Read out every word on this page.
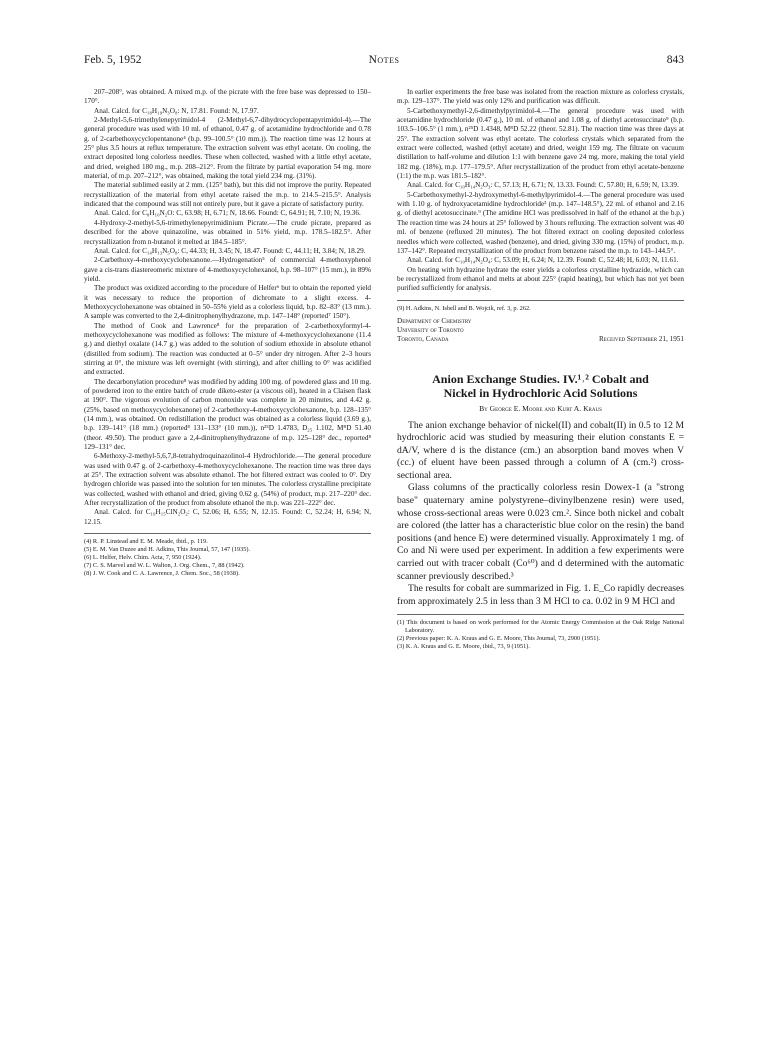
Feb. 5, 1952	Notes	843

207–208°, was obtained. A mixed m.p. of the picrate with the free base was depressed to 150–170°.

Anal. Calcd. for C₁₈H₁₉N₃O₈: N, 17.81. Found: N, 17.97.

2-Methyl-5,6-trimethylenepyrimidol-4 (2-Methyl-6,7-dihydrocyclopentapyrimidol-4).—The general procedure was used with 10 ml. of ethanol, 0.47 g. of acetamidine hydrochloride and 0.78 g. of 2-carbethoxycyclopentanone⁴ (b.p. 99–100.5° (10 mm.)). The reaction time was 12 hours at 25° plus 3.5 hours at reflux temperature. The extraction solvent was ethyl acetate. On cooling, the extract deposited long colorless needles. These when collected, washed with a little ethyl acetate, and dried, weighed 180 mg., m.p. 208–212°. From the filtrate by partial evaporation 54 mg. more material, of m.p. 207–212°, was obtained, making the total yield 234 mg. (31%).

The material sublimed easily at 2 mm. (125° bath), but this did not improve the purity. Repeated recrystallization of the material from ethyl acetate raised the m.p. to 214.5–215.5°. Analysis indicated that the compound was still not entirely pure, but it gave a picrate of satisfactory purity.

Anal. Calcd. for C₈H₁₀N₂O: C, 63.98; H, 6.71; N, 18.66. Found: C, 64.91; H, 7.10; N, 19.36.

4-Hydroxy-2-methyl-5,6-trimethylenepyrimidinium Picrate.—The crude picrate, prepared as described for the above quinazoline, was obtained in 51% yield, m.p. 178.5–182.5°. After recrystallization from n-butanol it melted at 184.5–185°.

Anal. Calcd. for C₁₄H₁₃N₅O₈: C, 44.33; H, 3.45; N, 18.47. Found: C, 44.11; H, 3.84; N, 18.29.

2-Carbethoxy-4-methoxycyclohexanone.—Hydrogenation⁵ of commercial 4-methoxyphenol gave a cis-trans diastereomeric mixture of 4-methoxycyclohexanol, b.p. 98–107° (15 mm.), in 89% yield.

The product was oxidized according to the procedure of Helfer⁶ but to obtain the reported yield it was necessary to reduce the proportion of dichromate to a slight excess. 4-Methoxycyclohexanone was obtained in 50–55% yield as a colorless liquid, b.p. 82–83° (13 mm.). A sample was converted to the 2,4-dinitrophenylhydrazone, m.p. 147–148° (reported⁷ 150°).

The method of Cook and Lawrence⁸ for the preparation of 2-carbethoxyformyl-4-methoxycyclohexanone was modified as follows: The mixture of 4-methoxycyclohexanone (11.4 g.) and diethyl oxalate (14.7 g.) was added to the solution of sodium ethoxide in absolute ethanol (distilled from sodium). The reaction was conducted at 0–5° under dry nitrogen. After 2–3 hours stirring at 0°, the mixture was left overnight (with stirring), and after chilling to 0° was acidified and extracted.

The decarbonylation procedure⁸ was modified by adding 100 mg. of powdered glass and 10 mg. of powdered iron to the entire batch of crude diketo-ester (a viscous oil), heated in a Claisen flask at 190°. The vigorous evolution of carbon monoxide was complete in 20 minutes, and 4.42 g. (25%, based on methoxycyclohexanone) of 2-carbethoxy-4-methoxycyclohexanone, b.p. 128–135° (14 mm.), was obtained. On redistillation the product was obtained as a colorless liquid (3.69 g.), b.p. 139–141° (18 mm.) (reported⁸ 131–133° (10 mm.)), n²⁵D 1.4783, D₂₅ 1.102, MᴿD 51.40 (theor. 49.50). The product gave a 2,4-dinitrophenylhydrazone of m.p. 125–128° dec., reported⁸ 129–131° dec.

6-Methoxy-2-methyl-5,6,7,8-tetrahydroquinazolinol-4 Hydrochloride.—The general procedure was used with 0.47 g. of 2-carbethoxy-4-methoxycyclohexanone. The reaction time was three days at 25°. The extraction solvent was absolute ethanol. The hot filtered extract was cooled to 0°. Dry hydrogen chloride was passed into the solution for ten minutes. The colorless crystalline precipitate was collected, washed with ethanol and dried, giving 0.62 g. (54%) of product, m.p. 217–220° dec. After recrystallization of the product from absolute ethanol the m.p. was 221–222° dec.

Anal. Calcd. for C₁₀H₁₅ClN₂O₂: C, 52.06; H, 6.55; N, 12.15. Found: C, 52.24; H, 6.94; N, 12.15.

(4) R. P. Linstead and E. M. Meade, ibid., p. 119.

(5) E. M. Van Duzee and H. Adkins, This Journal, 57, 147 (1935).

(6) L. Helfer, Helv. Chim. Acta, 7, 950 (1924).

(7) C. S. Marvel and W. L. Walton, J. Org. Chem., 7, 88 (1942).

(8) J. W. Cook and C. A. Lawrence, J. Chem. Soc., 58 (1938).

In earlier experiments the free base was isolated from the reaction mixture as colorless crystals, m.p. 129–137°. The yield was only 12% and purification was difficult.

5-Carbethoxymethyl-2,6-dimethylpyrimidol-4.—The general procedure was used with acetamidine hydrochloride (0.47 g.), 10 ml. of ethanol and 1.08 g. of diethyl acetosuccinate⁹ (b.p. 103.5–106.5° (1 mm.), n²⁵D 1.4348, MᴿD 52.22 (theor. 52.81). The reaction time was three days at 25°. The extraction solvent was ethyl acetate. The colorless crystals which separated from the extract were collected, washed (ethyl acetate) and dried, weight 159 mg. The filtrate on vacuum distillation to half-volume and dilution 1:1 with benzene gave 24 mg. more, making the total yield 182 mg. (18%), m.p. 177–179.5°. After recrystallization of the product from ethyl acetate-benzene (1:1) the m.p. was 181.5–182°.

Anal. Calcd. for C₁₀H₁₄N₂O₃: C, 57.13; H, 6.71; N, 13.33. Found: C, 57.80; H, 6.59; N, 13.39.

5-Carbethoxymethyl-2-hydroxymethyl-6-methylpyrimidol-4.—The general procedure was used with 1.10 g. of hydroxyacetamidine hydrochloride³ (m.p. 147–148.5°), 22 ml. of ethanol and 2.16 g. of diethyl acetosuccinate.⁹ (The amidine HCl was predissolved in half of the ethanol at the b.p.) The reaction time was 24 hours at 25° followed by 3 hours refluxing. The extraction solvent was 40 ml. of benzene (refluxed 20 minutes). The hot filtered extract on cooling deposited colorless needles which were collected, washed (benzene), and dried, giving 330 mg. (15%) of product, m.p. 137–142°. Repeated recrystallization of the product from benzene raised the m.p. to 143–144.5°.

Anal. Calcd. for C₁₀H₁₄N₂O₄: C, 53.09; H, 6.24; N, 12.39. Found: C, 52.48; H, 6.03; N, 11.61.

On heating with hydrazine hydrate the ester yields a colorless crystalline hydrazide, which can be recrystallized from ethanol and melts at about 225° (rapid heating), but which has not yet been purified sufficiently for analysis.

(9) H. Adkins, N. Isbell and B. Wojcik, ref. 3, p. 262.

Department of Chemistry
University of Toronto
Toronto, Canada	Received September 21, 1951
Anion Exchange Studies. IV.¹˒² Cobalt and
Nickel in Hydrochloric Acid Solutions
By George E. Moore and Kurt A. Kraus

The anion exchange behavior of nickel(II) and cobalt(II) in 0.5 to 12 M hydrochloric acid was studied by measuring their elution constants E = dA/V, where d is the distance (cm.) an absorption band moves when V (cc.) of eluent have been passed through a column of A (cm.²) cross-sectional area.

Glass columns of the practically colorless resin Dowex-1 (a "strong base" quaternary amine polystyrene–divinylbenzene resin) were used, whose cross-sectional areas were 0.023 cm.². Since both nickel and cobalt are colored (the latter has a characteristic blue color on the resin) the band positions (and hence E) were determined visually. Approximately 1 mg. of Co and Ni were used per experiment. In addition a few experiments were carried out with tracer cobalt (Co⁶⁰) and d determined with the automatic scanner previously described.³

The results for cobalt are summarized in Fig. 1. E_Co rapidly decreases from approximately 2.5 in less than 3 M HCl to ca. 0.02 in 9 M HCl and

(1) This document is based on work performed for the Atomic Energy Commission at the Oak Ridge National Laboratory.

(2) Previous paper: K. A. Kraus and G. E. Moore, This Journal, 73, 2900 (1951).

(3) K. A. Kraus and G. E. Moore, ibid., 73, 9 (1951).
